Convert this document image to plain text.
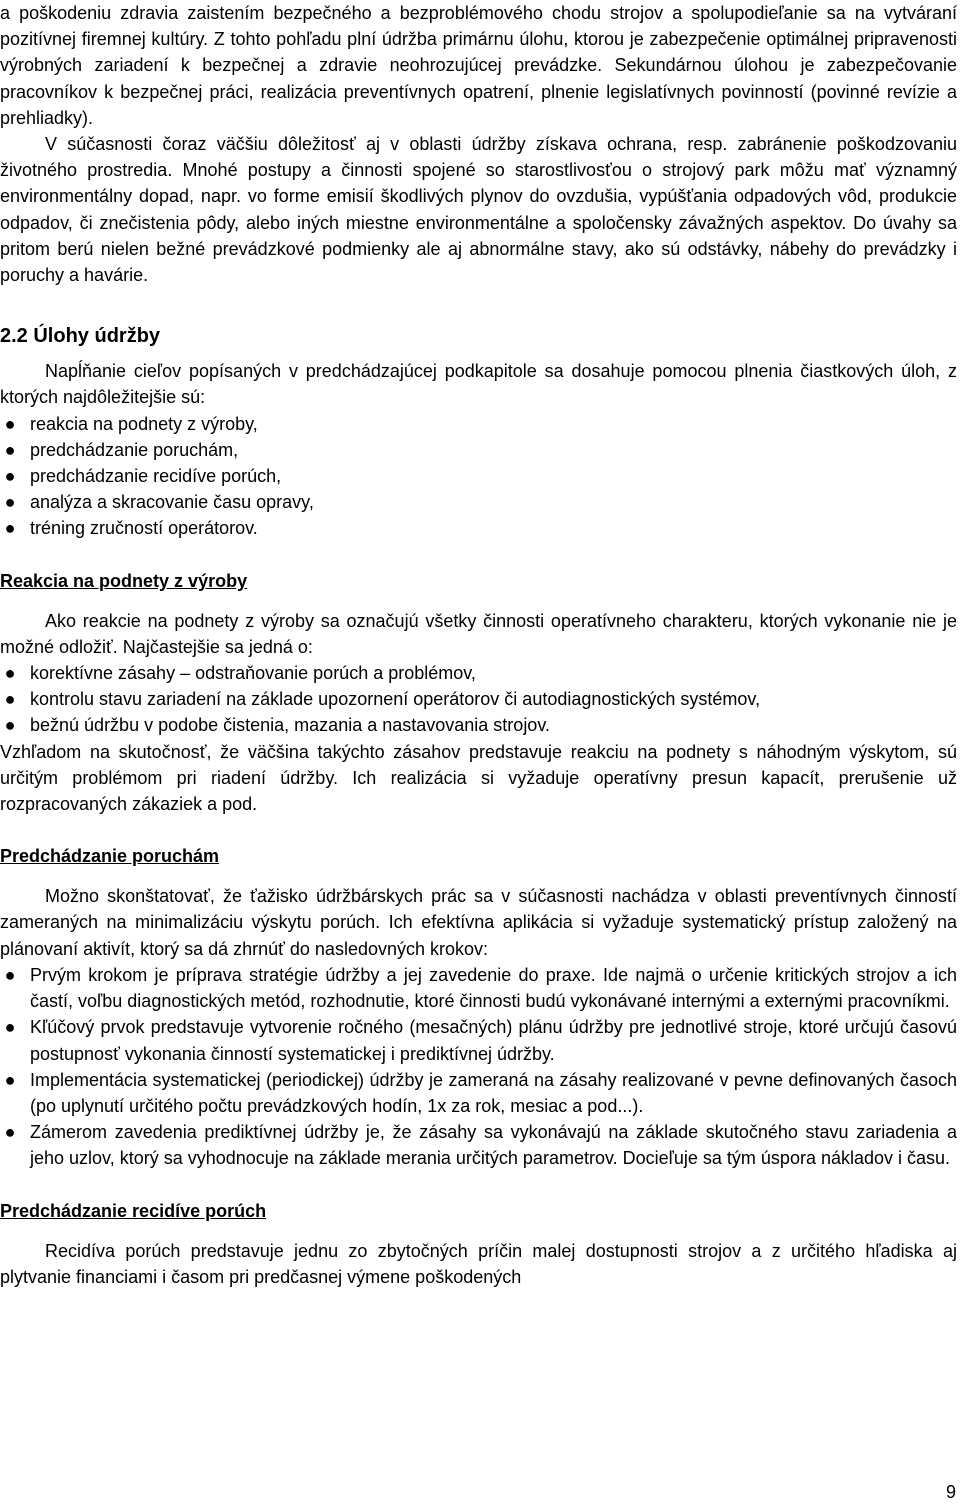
a poškodeniu zdravia zaistením bezpečného a bezproblémového chodu strojov a spolupodieľanie sa na vytváraní pozitívnej firemnej kultúry. Z tohto pohľadu plní údržba primárnu úlohu, ktorou je zabezpečenie optimálnej pripravenosti výrobných zariadení k bezpečnej a zdravie neohrozujúcej prevádzke. Sekundárnou úlohou je zabezpečovanie pracovníkov k bezpečnej práci, realizácia preventívnych opatrení, plnenie legislatívnych povinností (povinné revízie a prehliadky).

V súčasnosti čoraz väčšiu dôležitosť aj v oblasti údržby získava ochrana, resp. zabránenie poškodzovaniu životného prostredia. Mnohé postupy a činnosti spojené so starostlivosťou o strojový park môžu mať významný environmentálny dopad, napr. vo forme emisií škodlivých plynov do ovzdušia, vypúšťania odpadových vôd, produkcie odpadov, či znečistenia pôdy, alebo iných miestne environmentálne a spoločensky závažných aspektov. Do úvahy sa pritom berú nielen bežné prevádzkové podmienky ale aj abnormálne stavy, ako sú odstávky, nábehy do prevádzky i poruchy a havárie.

2.2 Úlohy údržby

Napĺňanie cieľov popísaných v predchádzajúcej podkapitole sa dosahuje pomocou plnenia čiastkových úloh, z ktorých najdôležitejšie sú:

● reakcia na podnety z výroby,
● predchádzanie poruchám,
● predchádzanie recidíve porúch,
● analýza a skracovanie času opravy,
● tréning zručností operátorov.
Reakcia na podnety z výroby

Ako reakcie na podnety z výroby sa označujú všetky činnosti operatívneho charakteru, ktorých vykonanie nie je možné odložiť. Najčastejšie sa jedná o:

● korektívne zásahy – odstraňovanie porúch a problémov,
● kontrolu stavu zariadení na základe upozornení operátorov či autodiagnostických systémov,
● bežnú údržbu v podobe čistenia, mazania a nastavovania strojov.

Vzhľadom na skutočnosť, že väčšina takýchto zásahov predstavuje reakciu na podnety s náhodným výskytom, sú určitým problémom pri riadení údržby. Ich realizácia si vyžaduje operatívny presun kapacít, prerušenie už rozpracovaných zákaziek a pod.

Predchádzanie poruchám

Možno skonštatovať, že ťažisko údržbárskych prác sa v súčasnosti nachádza v oblasti preventívnych činností zameraných na minimalizáciu výskytu porúch. Ich efektívna aplikácia si vyžaduje systematický prístup založený na plánovaní aktivít, ktorý sa dá zhrnúť do nasledovných krokov:

● Prvým krokom je príprava stratégie údržby a jej zavedenie do praxe. Ide najmä o určenie kritických strojov a ich častí, voľbu diagnostických metód, rozhodnutie, ktoré činnosti budú vykonávané internými a externými pracovníkmi.
● Kľúčový prvok predstavuje vytvorenie ročného (mesačných) plánu údržby pre jednotlivé stroje, ktoré určujú časovú postupnosť vykonania činností systematickej i prediktívnej údržby.
● Implementácia systematickej (periodickej) údržby je zameraná na zásahy realizované v pevne definovaných časoch (po uplynutí určitého počtu prevádzkových hodín, 1x za rok, mesiac a pod...).
● Zámerom zavedenia prediktívnej údržby je, že zásahy sa vykonávajú na základe skutočného stavu zariadenia a jeho uzlov, ktorý sa vyhodnocuje na základe merania určitých parametrov. Docieľuje sa tým úspora nákladov i času.
Predchádzanie recidíve porúch

Recidíva porúch predstavuje jednu zo zbytočných príčin malej dostupnosti strojov a z určitého hľadiska aj plytvanie financiami i časom pri predčasnej výmene poškodených

9
